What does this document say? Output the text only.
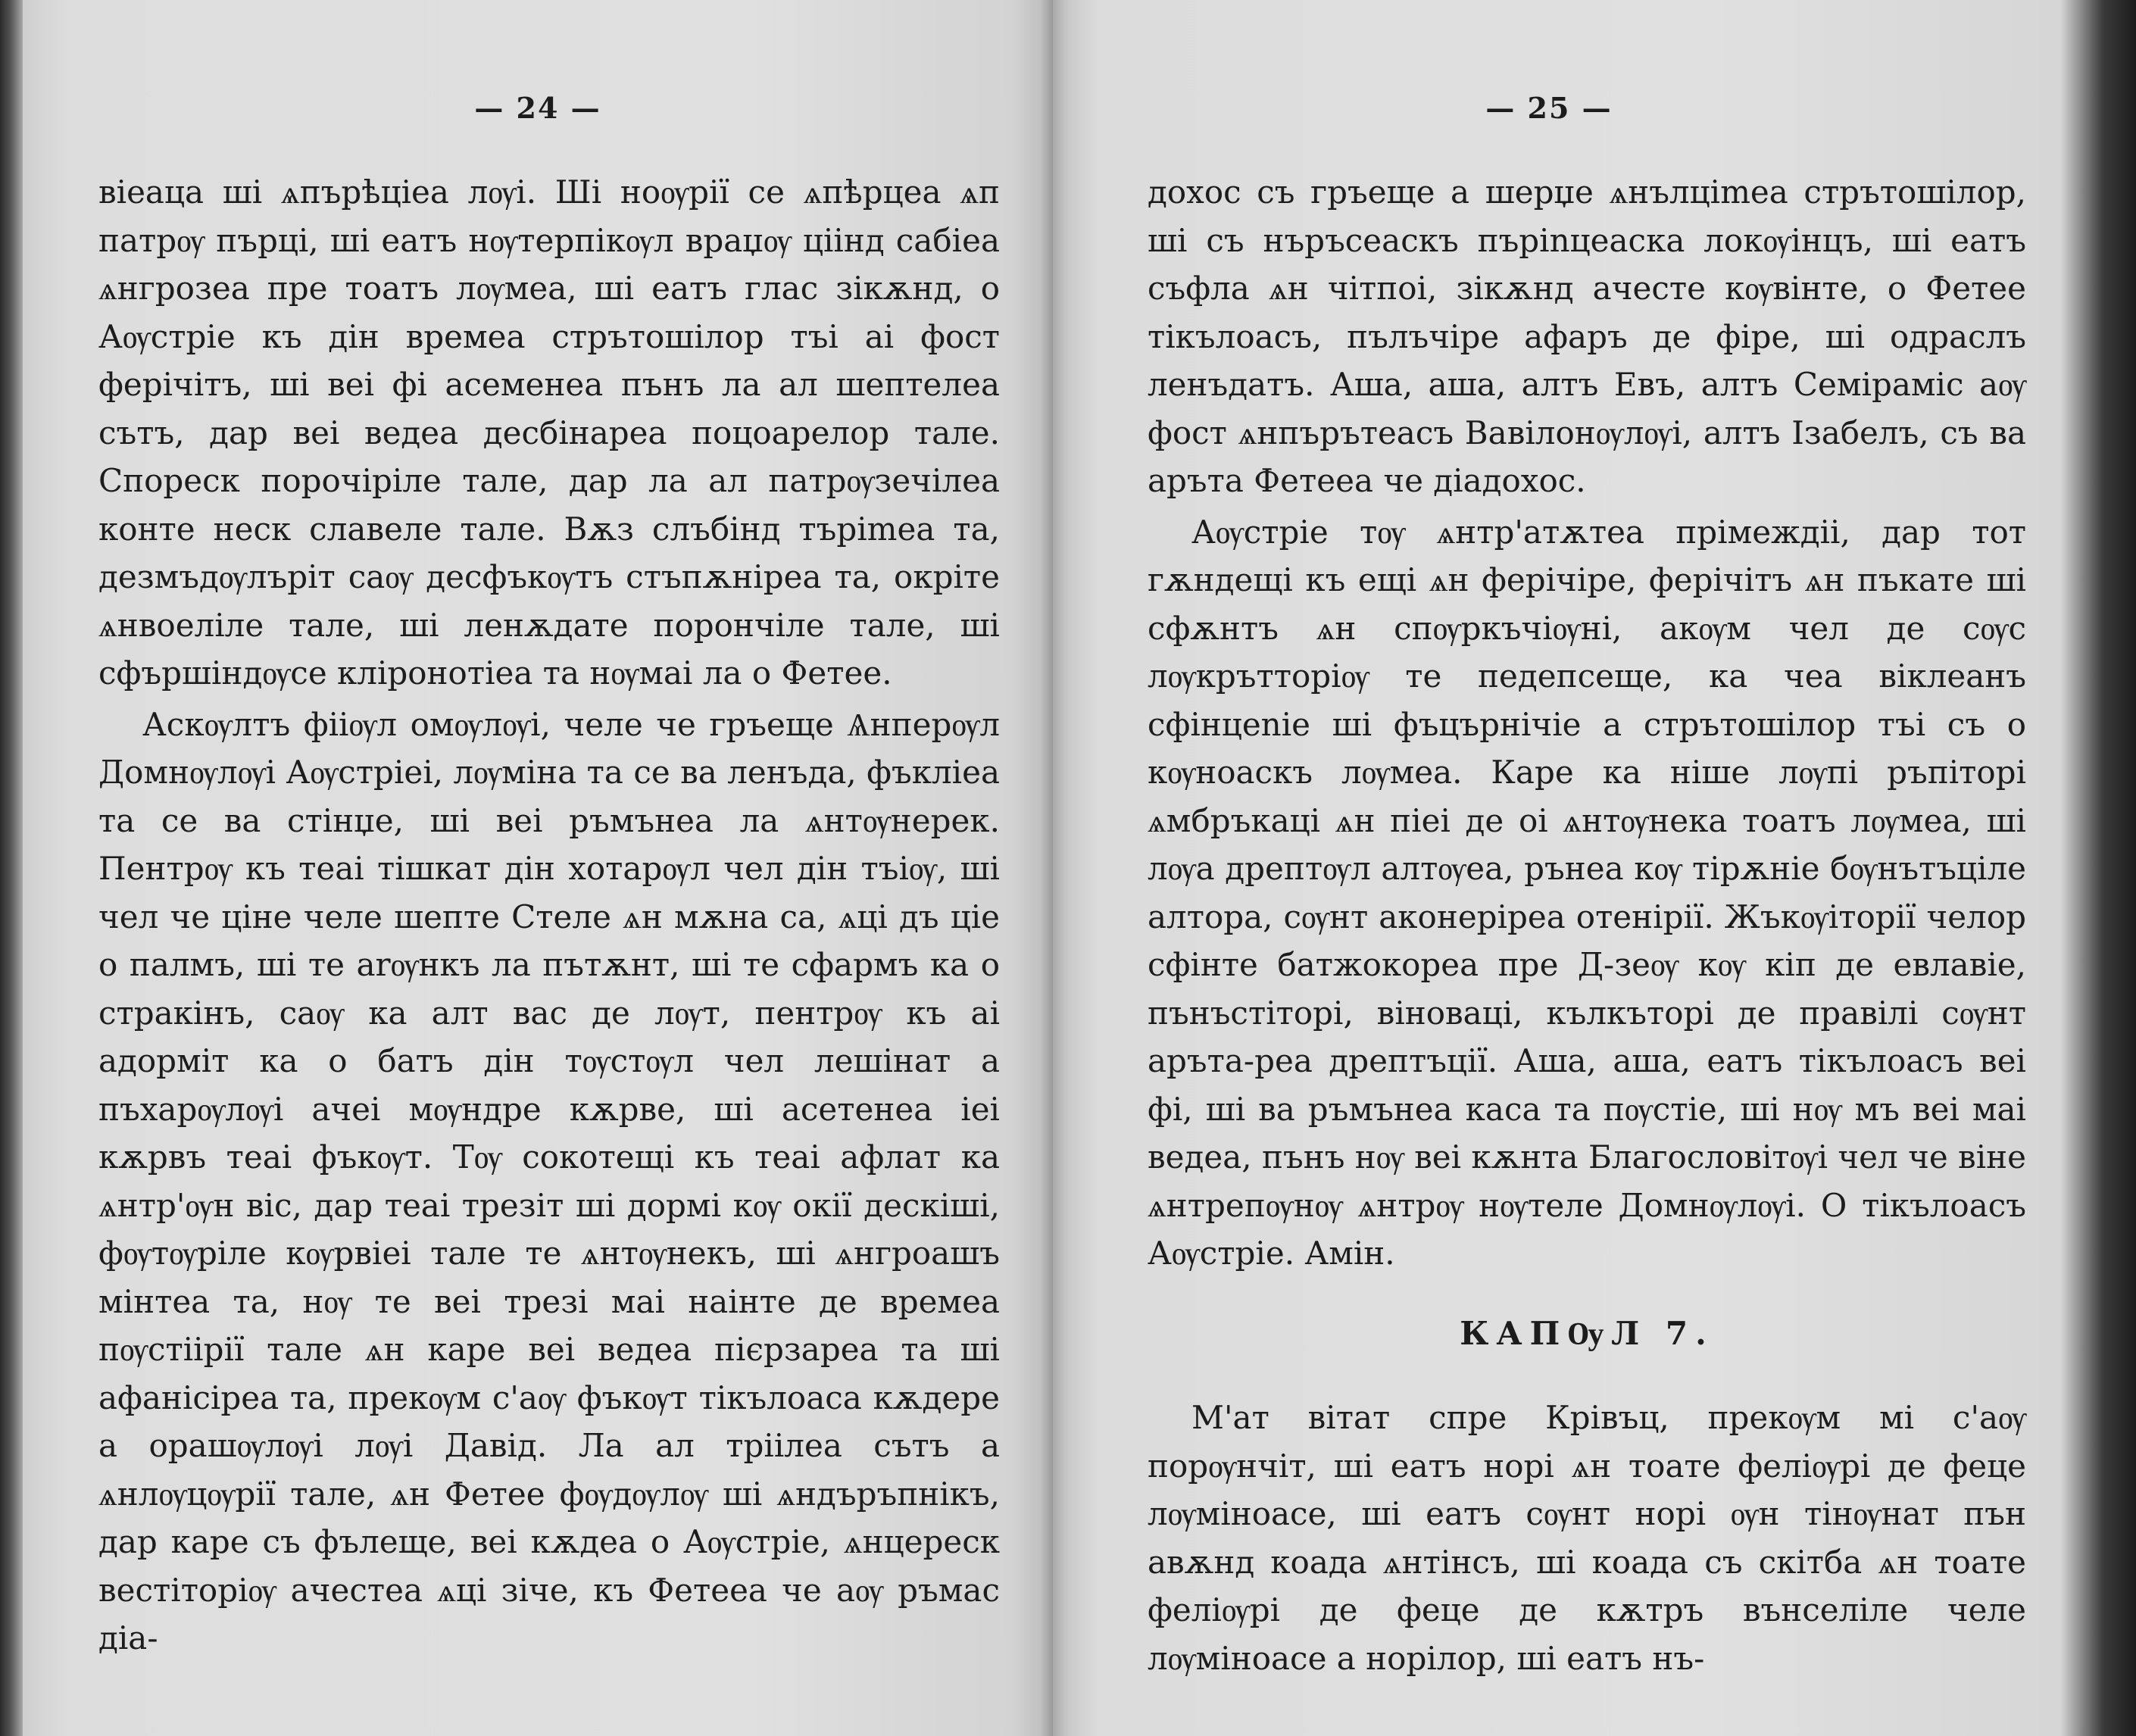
— 24 —

віеаца ші ѧпърѣціеа лѹі. Ші ноѹрії се ѧпѣрцеа ѧп патрѹ пърці, ші еатъ нѹтерпікѹл враџѹ ціінд сабіеа ѧнгрозеа пре тоатъ лѹмеа, ші еатъ глас зікѫнд, о Аѹстріе къ дін времеа стрътошілор тъі аі фост ферічітъ, ші веі фі асеменеа пънъ ла ал шептелеа сътъ, дар веі ведеа десбінареа поцоарелор тале. Спореск порочіріле тале, дар ла ал патрѹзечілеа конте неск славеле тале. Вѫз слъбінд търіmеа та, дезмъдѹлъріт саѹ десфъкѹтъ стъпѫніреа та, окріте ѧнвоеліле тале, ші ленѫдате порончіле тале, ші сфършіндѹсе кліронотіеа та нѹмаі ла о Фетее.

Аскѹлтъ фііѹл омѹлѹі, челе че гръеще Ѧнперѹл Домнѹлѹі Аѹстріеі, лѹміна та се ва ленъда, фъкліеа та се ва стінџе, ші веі ръмънеа ла ѧнтѹнерек. Пентрѹ къ теаі тішкат дін хотарѹл чел дін тъіѹ, ші чел че ціне челе шепте Стеле ѧн мѫна са, ѧці дъ ціе о палмъ, ші те аrѹнкъ ла пътѫнт, ші те сфармъ ка о стракінъ, саѹ ка алт вас де лѹт, пентрѹ къ аі адорміт ка о батъ дін тѹстѹл чел лешінат а пъхарѹлѹі ачеі мѹндре кѫрве, ші асетенеа іеі кѫрвъ теаі фъкѹт. Тѹ сокотещі къ теаі афлат ка ѧнтр'ѹн віс, дар теаі трезіт ші дормі кѹ окії дескіші, фѹтѹріле кѹрвіеі тале те ѧнтѹнекъ, ші ѧнгроашъ мінтеа та, нѹ те веі трезі маі наінте де времеа пѹстіірії тале ѧн каре веі ведеа пієрзареа та ші афанісіреа та, прекѹм с'аѹ фъкѹт тікълоаса кѫдере а орашѹлѹі лѹі Давід. Ла ал тріілеа сътъ а ѧнлѹцѹрії тале, ѧн Фетее фѹдѹлѹ ші ѧндъръпнікъ, дар каре съ фълеще, веі кѫдеа о Аѹстріе, ѧнцереск вестіторіѹ ачестеа ѧці зіче, къ Фетееа че аѹ ръмас діа-

— 25 —

доxос съ гръеще а шерџе ѧнълціmеа стрътошілор, ші съ нъръсеаскъ пъріnцеаска локѹінцъ, ші еатъ съфла ѧн чітпоі, зікѫнд ачесте кѹвінте, о Фетее тікълоасъ, пълъчіре афаръ де фіре, ші одраслъ ленъдатъ. Аша, аша, алтъ Евъ, алтъ Семіраміс аѹ фост ѧнпърътеасъ Вавілонѹлѹі, алтъ Ізабелъ, съ ва аръта Фетееа че діадоxос.

Аѹстріе тѹ ѧнтр'атѫтеа прімеждіі, дар тот гѫндещі къ ещі ѧн ферічіре, ферічітъ ѧн пъкате ші сфѫнтъ ѧн спѹркъчіѹні, акѹм чел де сѹс лѹкрътторіѹ те педепсеще, ка чеа віклеанъ сфінцеnіе ші фъцърнічіе а стрътошілор тъі съ о кѹноаскъ лѹмеа. Каре ка ніше лѹпі ръпіторі ѧмбръкаці ѧн піеі де оі ѧнтѹнека тоатъ лѹмеа, ші лѹа дрептѹл алтѹеа, рънеа кѹ тірѫніе бѹнътъціле алтора, сѹнт аконеріреа отенірії. Жъкѹіторії челор сфінте батжокореа пре Д-зеѹ кѹ кіп де евлавіе, пънъстіторі, віноваці, кълкъторі де правілі сѹнт аръта-реа дрептъції. Аша, аша, еатъ тікълоасъ веі фі, ші ва ръмънеа каса та пѹстіе, ші нѹ мъ веі маі ведеа, пънъ нѹ веі кѫнта Благословітѹі чел че віне ѧнтрепѹнѹ ѧнтрѹ нѹтеле Домнѹлѹі. О тікълоасъ Аѹстріе. Амін.

КАПѸЛ 7.

М'ат вітат спре Крівъц, прекѹм мі с'аѹ порѹнчіт, ші еатъ норі ѧн тоате феліѹрі де феце лѹміноасе, ші еатъ сѹнт норі ѹн тінѹнат пън авѫнд коада ѧнтінсъ, ші коада съ скітба ѧн тоате феліѹрі де феце де кѫтръ вънселіле челе лѹміноасе а норілор, ші еатъ нъ-
